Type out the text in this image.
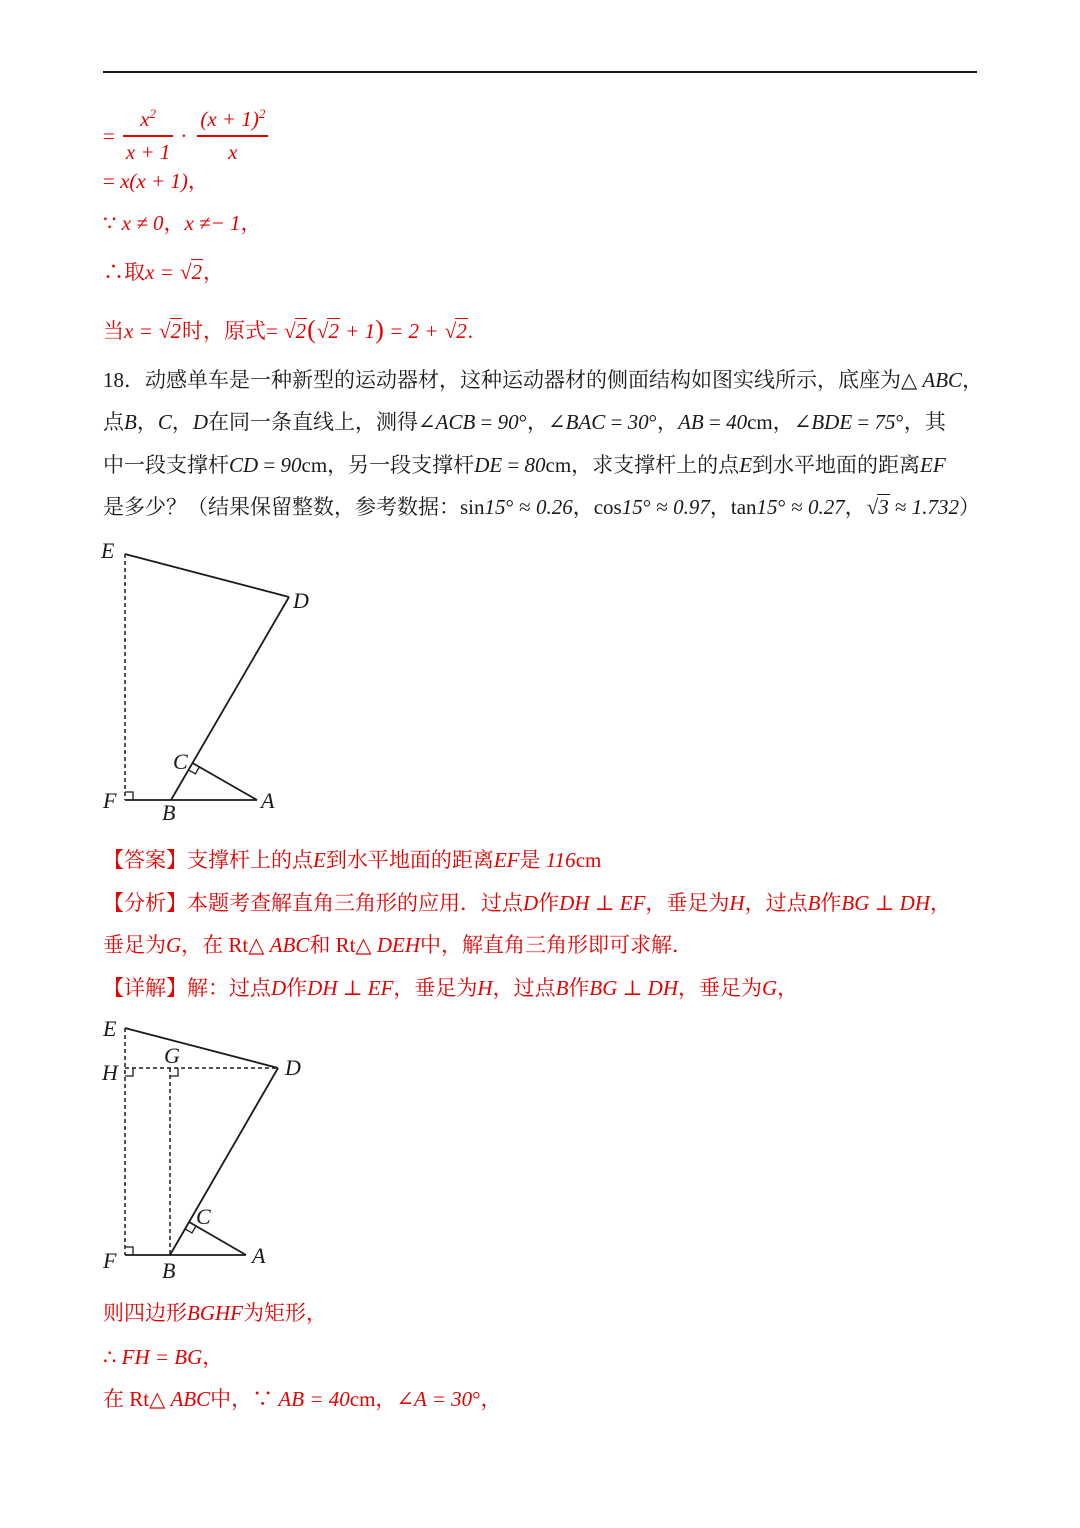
= $\frac{x^2}{x + 1} \cdot \frac{(x + 1)^2}{x}$
= x(x + 1)，
∵ x ≠ 0，x ≠− 1，
∴取x = √2，
当x = √2时，原式= √2(√2 + 1) = 2 + √2.
18．动感单车是一种新型的运动器材，这种运动器材的侧面结构如图实线所示，底座为△ ABC，
点B，C，D在同一条直线上，测得∠ACB = 90°，∠BAC = 30°，AB = 40cm，∠BDE = 75°，其
中一段支撑杆CD = 90cm，另一段支撑杆DE = 80cm，求支撑杆上的点E到水平地面的距离EF
是多少？（结果保留整数，参考数据：sin15° ≈ 0.26，cos15° ≈ 0.97，tan15° ≈ 0.27，√3 ≈ 1.732）
E
D
C
B	A
F
【答案】支撑杆上的点E到水平地面的距离EF是 116cm
【分析】本题考查解直角三角形的应用．过点D作DH ⊥ EF，垂足为H，过点B作BG ⊥ DH，
垂足为G，在 Rt△ ABC和 Rt△ DEH中，解直角三角形即可求解．
【详解】解：过点D作DH ⊥ EF，垂足为H，过点B作BG ⊥ DH，垂足为G，
E
H
G	D
C
B
A
F
则四边形BGHF为矩形，
∴ FH = BG，
在 Rt△ ABC中，∵ AB = 40cm，∠A = 30°，
